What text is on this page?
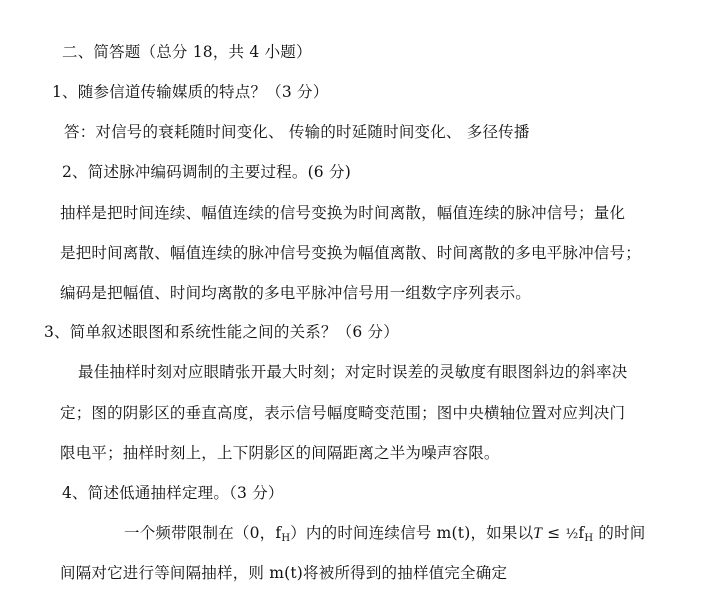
二、简答题（总分 18，共 4 小题）
1、随参信道传输媒质的特点？（3 分）
答：对信号的衰耗随时间变化、 传输的时延随时间变化、 多径传播
2、简述脉冲编码调制的主要过程。(6 分)
抽样是把时间连续、幅值连续的信号变换为时间离散，幅值连续的脉冲信号；量化
是把时间离散、幅值连续的脉冲信号变换为幅值离散、时间离散的多电平脉冲信号；
编码是把幅值、时间均离散的多电平脉冲信号用一组数字序列表示。
3、简单叙述眼图和系统性能之间的关系？（6 分）
最佳抽样时刻对应眼睛张开最大时刻；对定时误差的灵敏度有眼图斜边的斜率决
定；图的阴影区的垂直高度，表示信号幅度畸变范围；图中央横轴位置对应判决门
限电平；抽样时刻上，上下阴影区的间隔距离之半为噪声容限。
4、简述低通抽样定理。（3 分）
一个频带限制在（0，$f_H$）内的时间连续信号 m(t)，如果以$T \le \frac{1}{2}f_H$ 的时间
间隔对它进行等间隔抽样，则 m(t)将被所得到的抽样值完全确定
